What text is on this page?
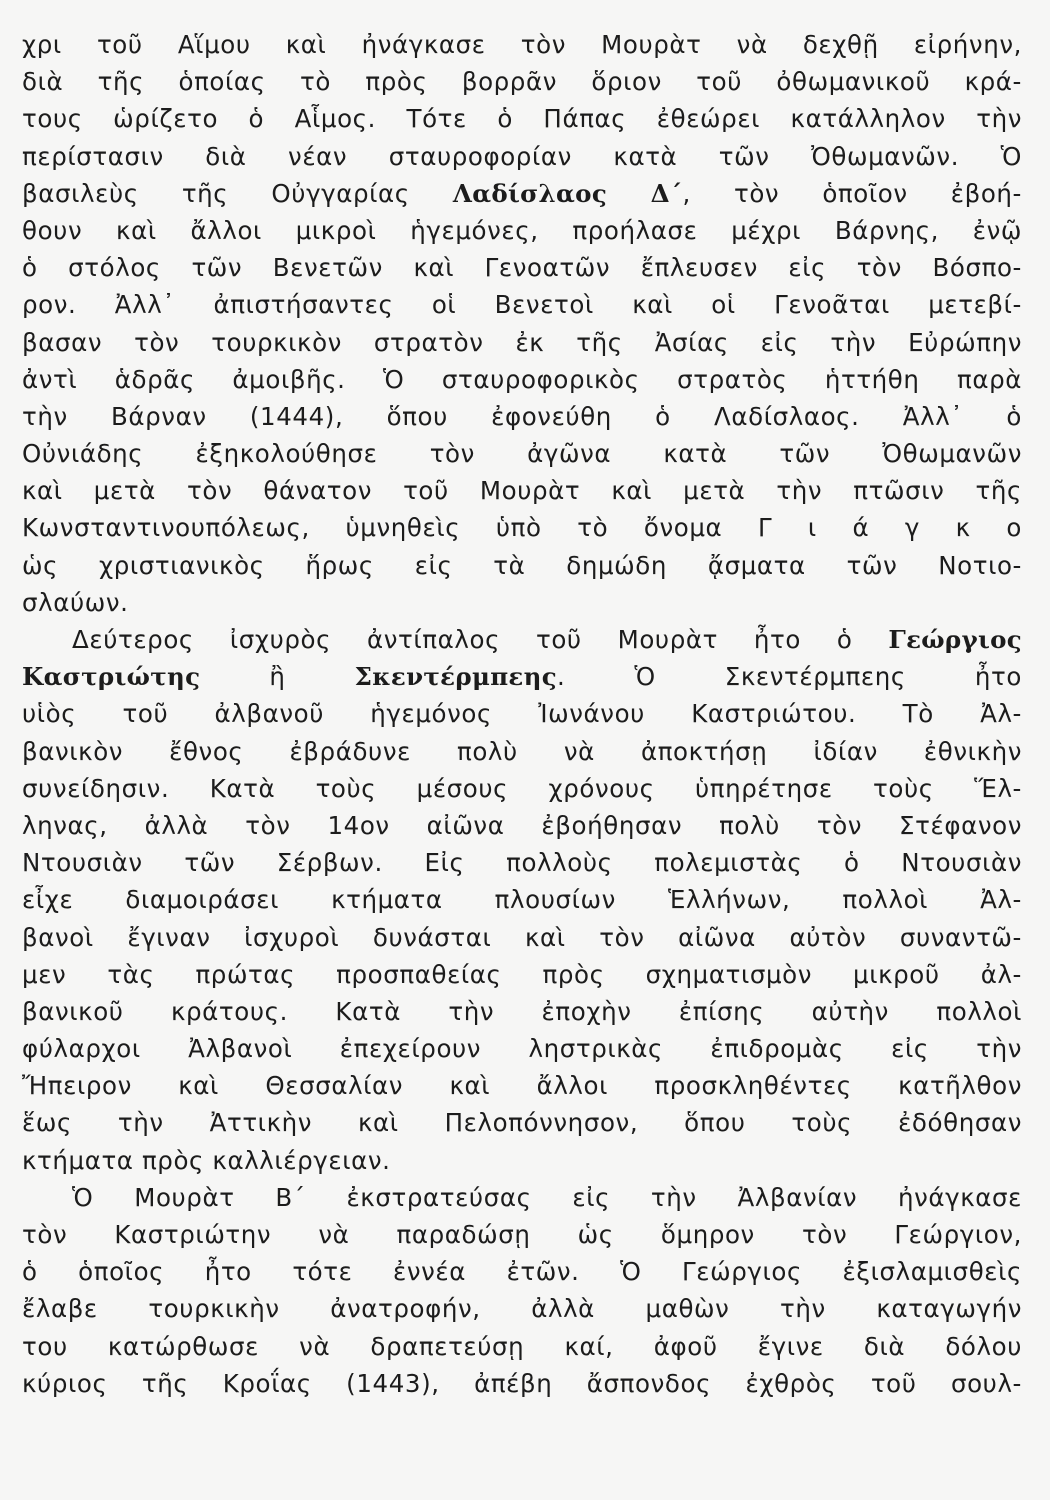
χρι τοῦ Αἵμου καὶ ἠνάγκασε τὸν Μουρὰτ νὰ δεχθῇ εἰρήνην,
διὰ τῆς ὁποίας τὸ πρὸς βορρᾶν ὅριον τοῦ ὀθωμανικοῦ κρά-
τους ὡρίζετο ὁ Αἷμος. Τότε ὁ Πάπας ἐθεώρει κατάλληλον τὴν
περίστασιν διὰ νέαν σταυροφορίαν κατὰ τῶν Ὀθωμανῶν. Ὁ
βασιλεὺς τῆς Οὐγγαρίας Λαδίσλαος Δ΄, τὸν ὁποῖον ἐβοή-
θουν καὶ ἄλλοι μικροὶ ἡγεμόνες, προήλασε μέχρι Βάρνης, ἐνῷ
ὁ στόλος τῶν Βενετῶν καὶ Γενοατῶν ἔπλευσεν εἰς τὸν Βόσπο-
ρον. Ἀλλ᾽ ἀπιστήσαντες οἱ Βενετοὶ καὶ οἱ Γενοᾶται μετεβί-
βασαν τὸν τουρκικὸν στρατὸν ἐκ τῆς Ἀσίας εἰς τὴν Εὐρώπην
ἀντὶ ἁδρᾶς ἀμοιβῆς. Ὁ σταυροφορικὸς στρατὸς ἡττήθη παρὰ
τὴν Βάρναν (1444), ὅπου ἐφονεύθη ὁ Λαδίσλαος. Ἀλλ᾽ ὁ
Οὐνιάδης ἐξηκολούθησε τὸν ἀγῶνα κατὰ τῶν Ὀθωμανῶν
καὶ μετὰ τὸν θάνατον τοῦ Μουρὰτ καὶ μετὰ τὴν πτῶσιν τῆς
Κωνσταντινουπόλεως, ὑμνηθεὶς ὑπὸ τὸ ὄνομα Γ ι ά γ κ ο
ὡς χριστιανικὸς ἥρως εἰς τὰ δημώδη ᾄσματα τῶν Νοτιο-
σλαύων.
Δεύτερος ἰσχυρὸς ἀντίπαλος τοῦ Μουρὰτ ἦτο ὁ Γεώργιος
Καστριώτης ἢ Σκεντέρμπεης. Ὁ Σκεντέρμπεης ἦτο
υἱὸς τοῦ ἀλβανοῦ ἡγεμόνος Ἰωνάνου Καστριώτου. Τὸ Ἀλ-
βανικὸν ἔθνος ἐβράδυνε πολὺ νὰ ἀποκτήσῃ ἰδίαν ἐθνικὴν
συνείδησιν. Κατὰ τοὺς μέσους χρόνους ὑπηρέτησε τοὺς Ἕλ-
ληνας, ἀλλὰ τὸν 14ον αἰῶνα ἐβοήθησαν πολὺ τὸν Στέφανον
Ντουσιὰν τῶν Σέρβων. Εἰς πολλοὺς πολεμιστὰς ὁ Ντουσιὰν
εἶχε διαμοιράσει κτήματα πλουσίων Ἑλλήνων, πολλοὶ Ἀλ-
βανοὶ ἔγιναν ἰσχυροὶ δυνάσται καὶ τὸν αἰῶνα αὐτὸν συναντῶ-
μεν τὰς πρώτας προσπαθείας πρὸς σχηματισμὸν μικροῦ ἀλ-
βανικοῦ κράτους. Κατὰ τὴν ἐποχὴν ἐπίσης αὐτὴν πολλοὶ
φύλαρχοι Ἀλβανοὶ ἐπεχείρουν ληστρικὰς ἐπιδρομὰς εἰς τὴν
Ἤπειρον καὶ Θεσσαλίαν καὶ ἄλλοι προσκληθέντες κατῆλθον
ἕως τὴν Ἀττικὴν καὶ Πελοπόννησον, ὅπου τοὺς ἐδόθησαν
κτήματα πρὸς καλλιέργειαν.
Ὁ Μουρὰτ Β΄ ἐκστρατεύσας εἰς τὴν Ἀλβανίαν ἠνάγκασε
τὸν Καστριώτην νὰ παραδώσῃ ὡς ὅμηρον τὸν Γεώργιον,
ὁ ὁποῖος ἦτο τότε ἐννέα ἐτῶν. Ὁ Γεώργιος ἐξισλαμισθεὶς
ἔλαβε τουρκικὴν ἀνατροφήν, ἀλλὰ μαθὼν τὴν καταγωγήν
του κατώρθωσε νὰ δραπετεύσῃ καί, ἀφοῦ ἔγινε διὰ δόλου
κύριος τῆς Κροΐας (1443), ἀπέβη ἄσπονδος ἐχθρὸς τοῦ σουλ-
